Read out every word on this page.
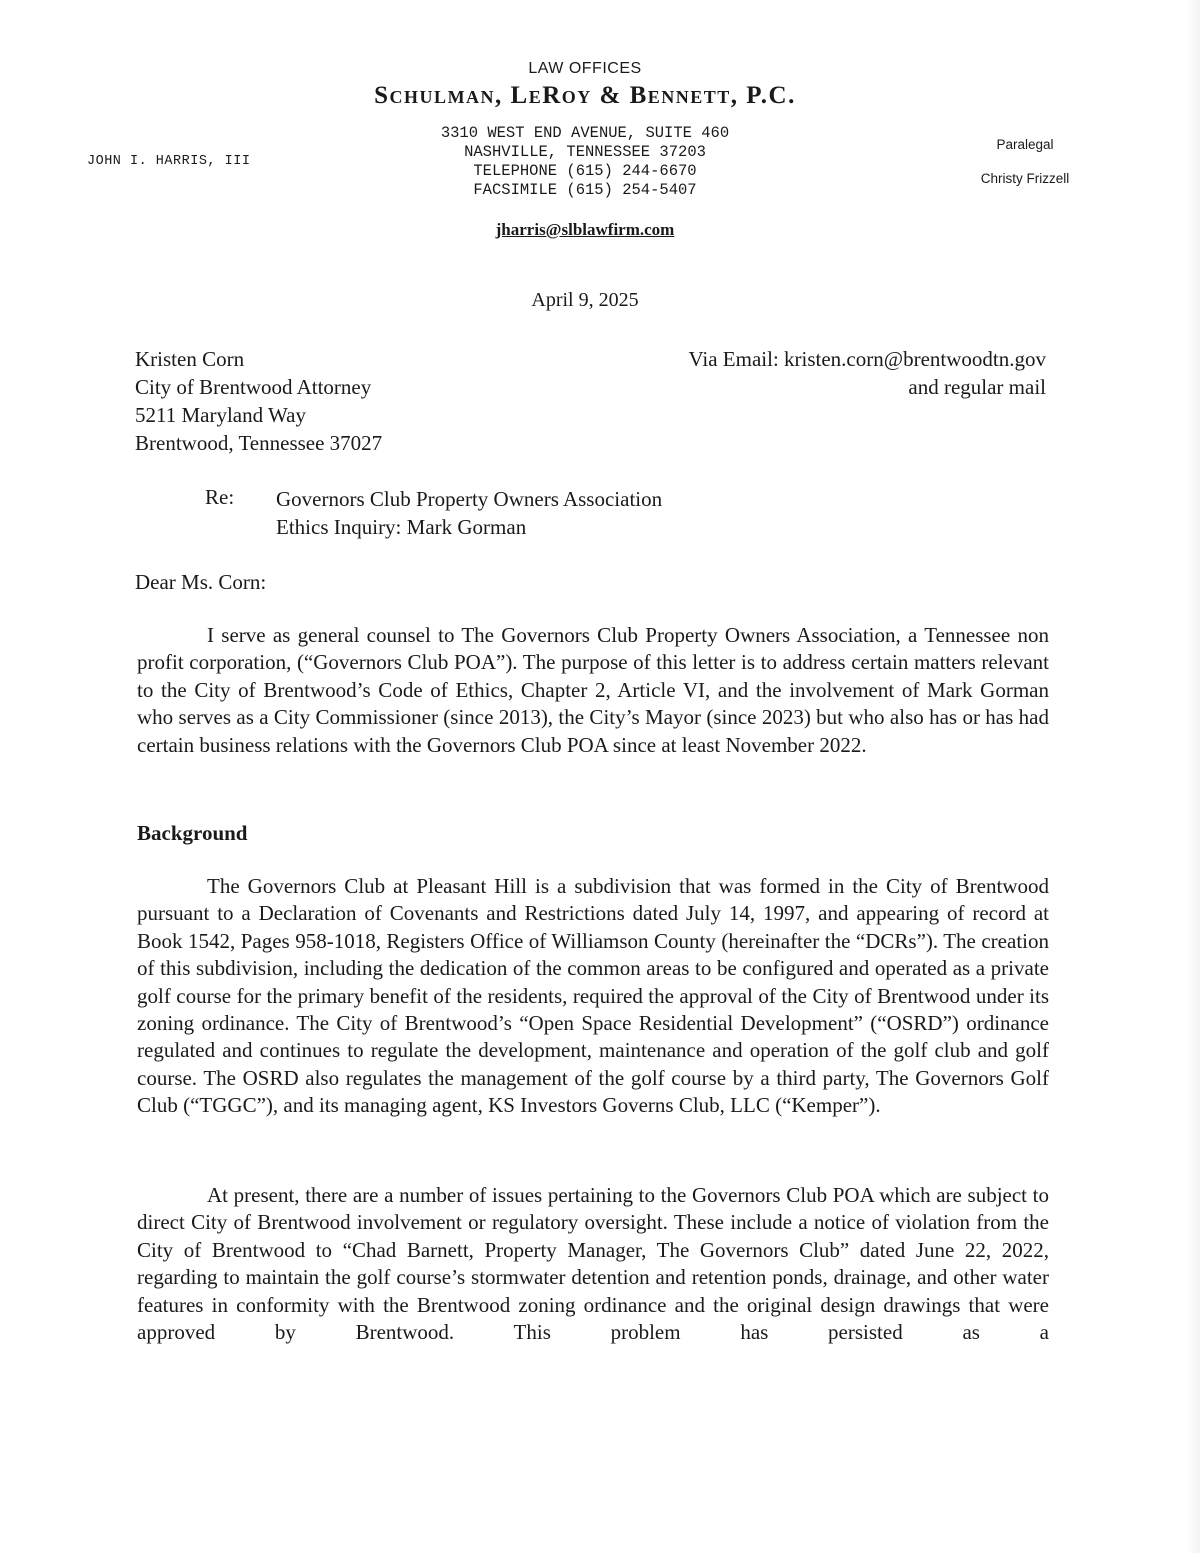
LAW OFFICES
Schulman, LeRoy & Bennett, P.C.
3310 WEST END AVENUE, SUITE 460
NASHVILLE, TENNESSEE 37203
TELEPHONE (615) 244-6670
FACSIMILE (615) 254-5407
JOHN I. HARRIS, III
Paralegal
Christy Frizzell
jharris@slblawfirm.com
April 9, 2025
Kristen Corn
City of Brentwood Attorney
5211 Maryland Way
Brentwood, Tennessee 37027
Via Email: kristen.corn@brentwoodtn.gov
and regular mail
Re: Governors Club Property Owners Association
Ethics Inquiry: Mark Gorman
Dear Ms. Corn:

I serve as general counsel to The Governors Club Property Owners Association, a Tennessee non profit corporation, (“Governors Club POA”). The purpose of this letter is to address certain matters relevant to the City of Brentwood’s Code of Ethics, Chapter 2, Article VI, and the involvement of Mark Gorman who serves as a City Commissioner (since 2013), the City’s Mayor (since 2023) but who also has or has had certain business relations with the Governors Club POA since at least November 2022.

Background

The Governors Club at Pleasant Hill is a subdivision that was formed in the City of Brentwood pursuant to a Declaration of Covenants and Restrictions dated July 14, 1997, and appearing of record at Book 1542, Pages 958-1018, Registers Office of Williamson County (hereinafter the “DCRs”). The creation of this subdivision, including the dedication of the common areas to be configured and operated as a private golf course for the primary benefit of the residents, required the approval of the City of Brentwood under its zoning ordinance. The City of Brentwood’s “Open Space Residential Development” (“OSRD”) ordinance regulated and continues to regulate the development, maintenance and operation of the golf club and golf course. The OSRD also regulates the management of the golf course by a third party, The Governors Golf Club (“TGGC”), and its managing agent, KS Investors Governs Club, LLC (“Kemper”).

At present, there are a number of issues pertaining to the Governors Club POA which are subject to direct City of Brentwood involvement or regulatory oversight. These include a notice of violation from the City of Brentwood to “Chad Barnett, Property Manager, The Governors Club” dated June 22, 2022, regarding to maintain the golf course’s stormwater detention and retention ponds, drainage, and other water features in conformity with the Brentwood zoning ordinance and the original design drawings that were approved by Brentwood. This problem has persisted as a
